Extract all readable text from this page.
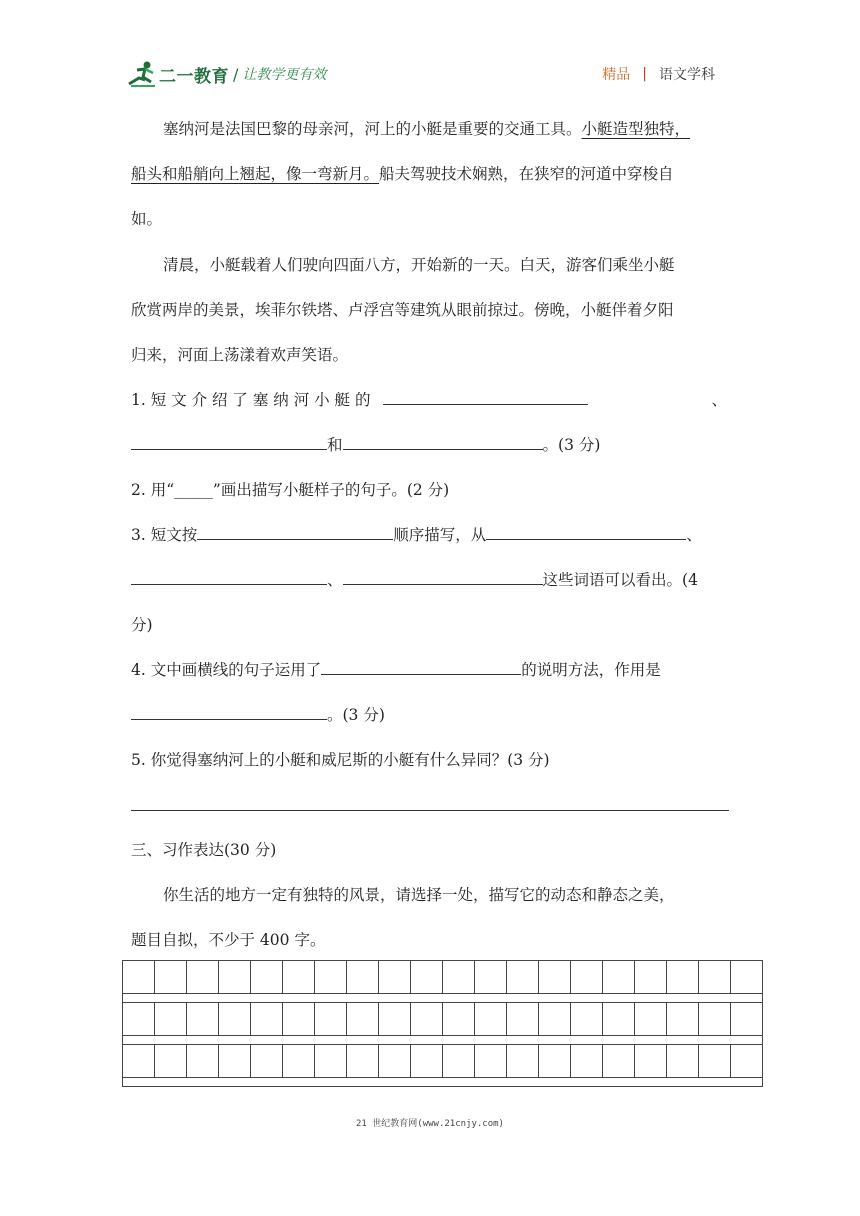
二一教育 / 让教学更有效	精品 | 语文学科
塞纳河是法国巴黎的母亲河，河上的小艇是重要的交通工具。小艇造型独特，
船头和船艄向上翘起，像一弯新月。船夫驾驶技术娴熟，在狭窄的河道中穿梭自
如。
清晨，小艇载着人们驶向四面八方，开始新的一天。白天，游客们乘坐小艇
欣赏两岸的美景，埃菲尔铁塔、卢浮宫等建筑从眼前掠过。傍晚，小艇伴着夕阳
归来，河面上荡漾着欢声笑语。
1. 短 文 介 绍 了 塞 纳 河 小 艇 的	、
和	。(3 分)
2. 用“_____”画出描写小艇样子的句子。(2 分)
3. 短文按	顺序描写，从	、
、	这些词语可以看出。(4
分)
4. 文中画横线的句子运用了	的说明方法，作用是
。(3 分)
5. 你觉得塞纳河上的小艇和威尼斯的小艇有什么异同？(3 分)
三、习作表达(30 分)
你生活的地方一定有独特的风景，请选择一处，描写它的动态和静态之美，
题目自拟，不少于 400 字。
21 世纪教育网(www.21cnjy.com)
